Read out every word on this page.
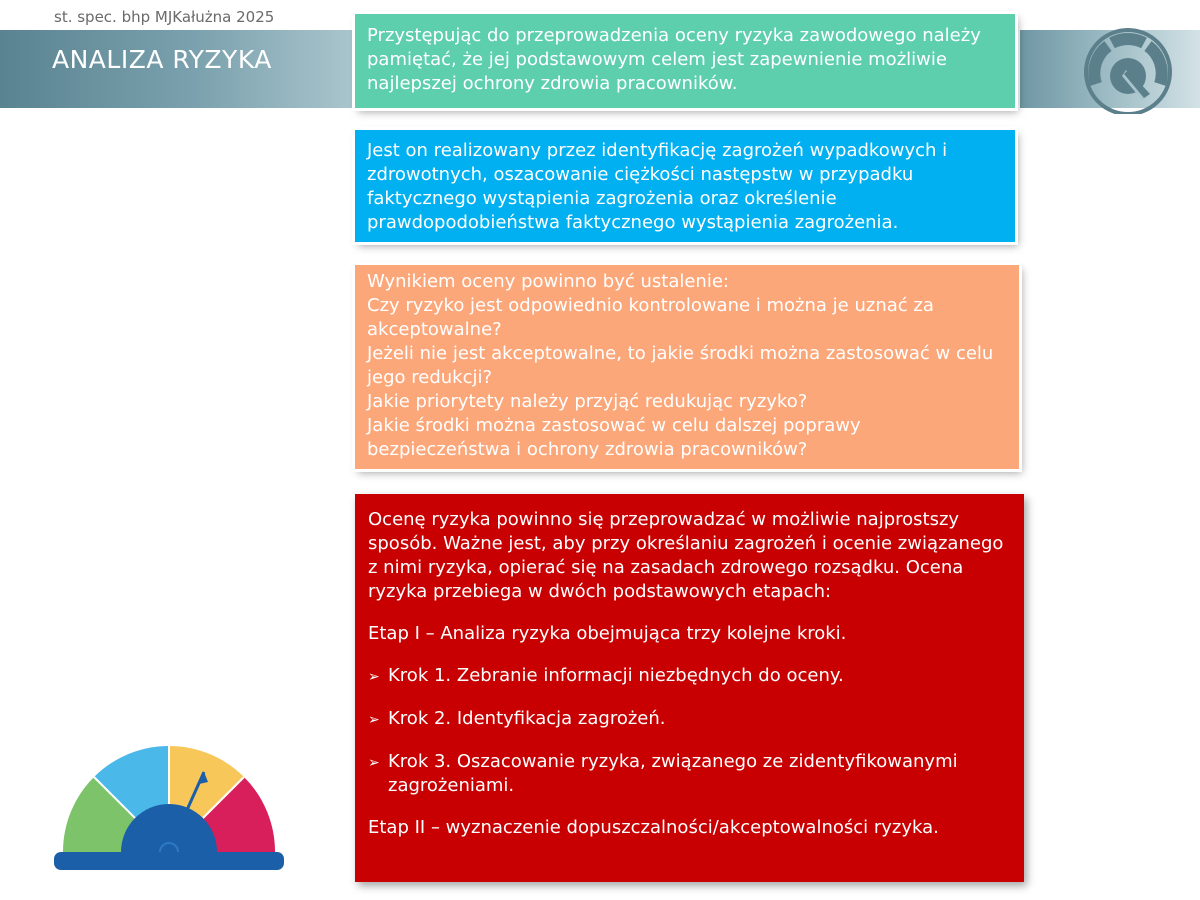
st. spec. bhp MJKałużna 2025
ANALIZA RYZYKA

Przystępując do przeprowadzenia oceny ryzyka zawodowego należy pamiętać, że jej podstawowym celem jest zapewnienie możliwie najlepszej ochrony zdrowia pracowników.

Jest on realizowany przez identyfikację zagrożeń wypadkowych i zdrowotnych, oszacowanie ciężkości następstw w przypadku faktycznego wystąpienia zagrożenia oraz określenie prawdopodobieństwa faktycznego wystąpienia zagrożenia.

Wynikiem oceny powinno być ustalenie:

Czy ryzyko jest odpowiednio kontrolowane i można je uznać za akceptowalne?

Jeżeli nie jest akceptowalne, to jakie środki można zastosować w celu jego redukcji?

Jakie priorytety należy przyjąć redukując ryzyko?

Jakie środki można zastosować w celu dalszej poprawy bezpieczeństwa i ochrony zdrowia pracowników?

Ocenę ryzyka powinno się przeprowadzać w możliwie najprostszy sposób. Ważne jest, aby przy określaniu zagrożeń i ocenie związanego z nimi ryzyka, opierać się na zasadach zdrowego rozsądku. Ocena ryzyka przebiega w dwóch podstawowych etapach:

Etap I – Analiza ryzyka obejmująca trzy kolejne kroki.

➢ Krok 1. Zebranie informacji niezbędnych do oceny.
➢ Krok 2. Identyfikacja zagrożeń.
➢ Krok 3. Oszacowanie ryzyka, związanego ze zidentyfikowanymi zagrożeniami.

Etap II – wyznaczenie dopuszczalności/akceptowalności ryzyka.
